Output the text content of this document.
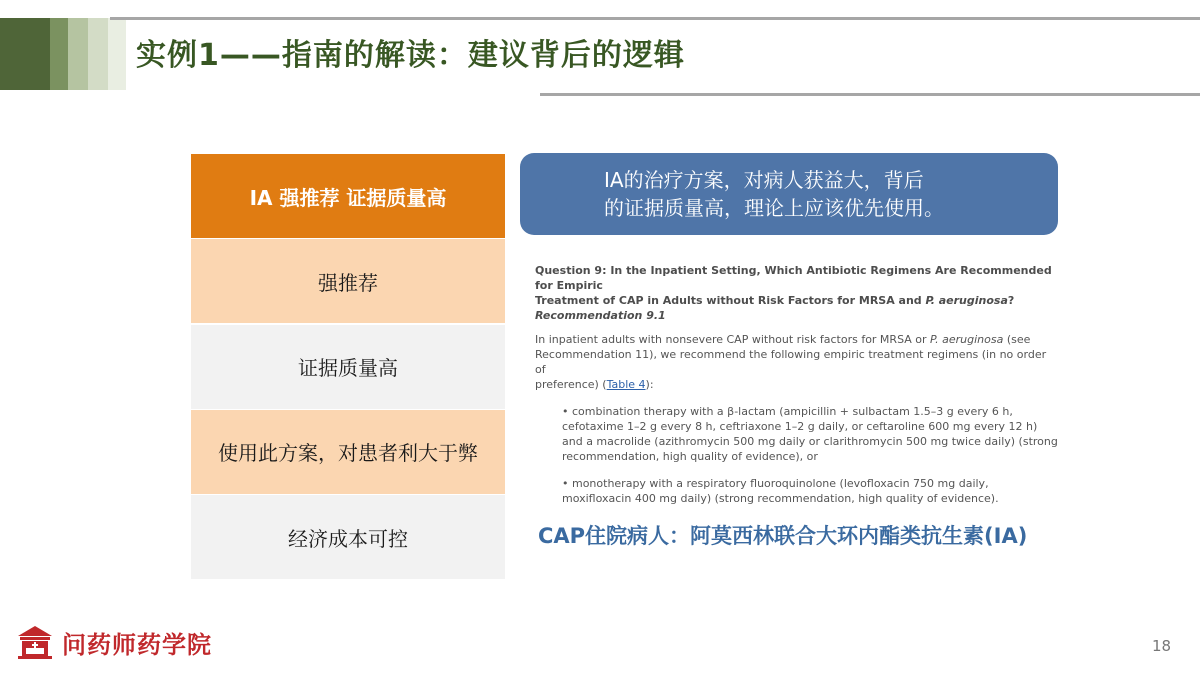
实例1——指南的解读：建议背后的逻辑
IA 强推荐 证据质量高
强推荐
证据质量高
使用此方案，对患者利大于弊
经济成本可控
IA的治疗方案，对病人获益大，背后
的证据质量高，理论上应该优先使用。

Question 9: In the Inpatient Setting, Which Antibiotic Regimens Are Recommended for Empiric
Treatment of CAP in Adults without Risk Factors for MRSA and P. aeruginosa?
Recommendation 9.1

In inpatient adults with nonsevere CAP without risk factors for MRSA or P. aeruginosa (see
Recommendation 11), we recommend the following empiric treatment regimens (in no order of
preference) (Table 4):

• combination therapy with a β-lactam (ampicillin + sulbactam 1.5–3 g every 6 h, cefotaxime 1–2 g every 8 h, ceftriaxone 1–2 g daily, or ceftaroline 600 mg every 12 h) and a macrolide (azithromycin 500 mg daily or clarithromycin 500 mg twice daily) (strong recommendation, high quality of evidence), or

• monotherapy with a respiratory fluoroquinolone (levofloxacin 750 mg daily, moxifloxacin 400 mg daily) (strong recommendation, high quality of evidence).

CAP住院病人：阿莫西林联合大环内酯类抗生素(IA)
问药师药学院	18
